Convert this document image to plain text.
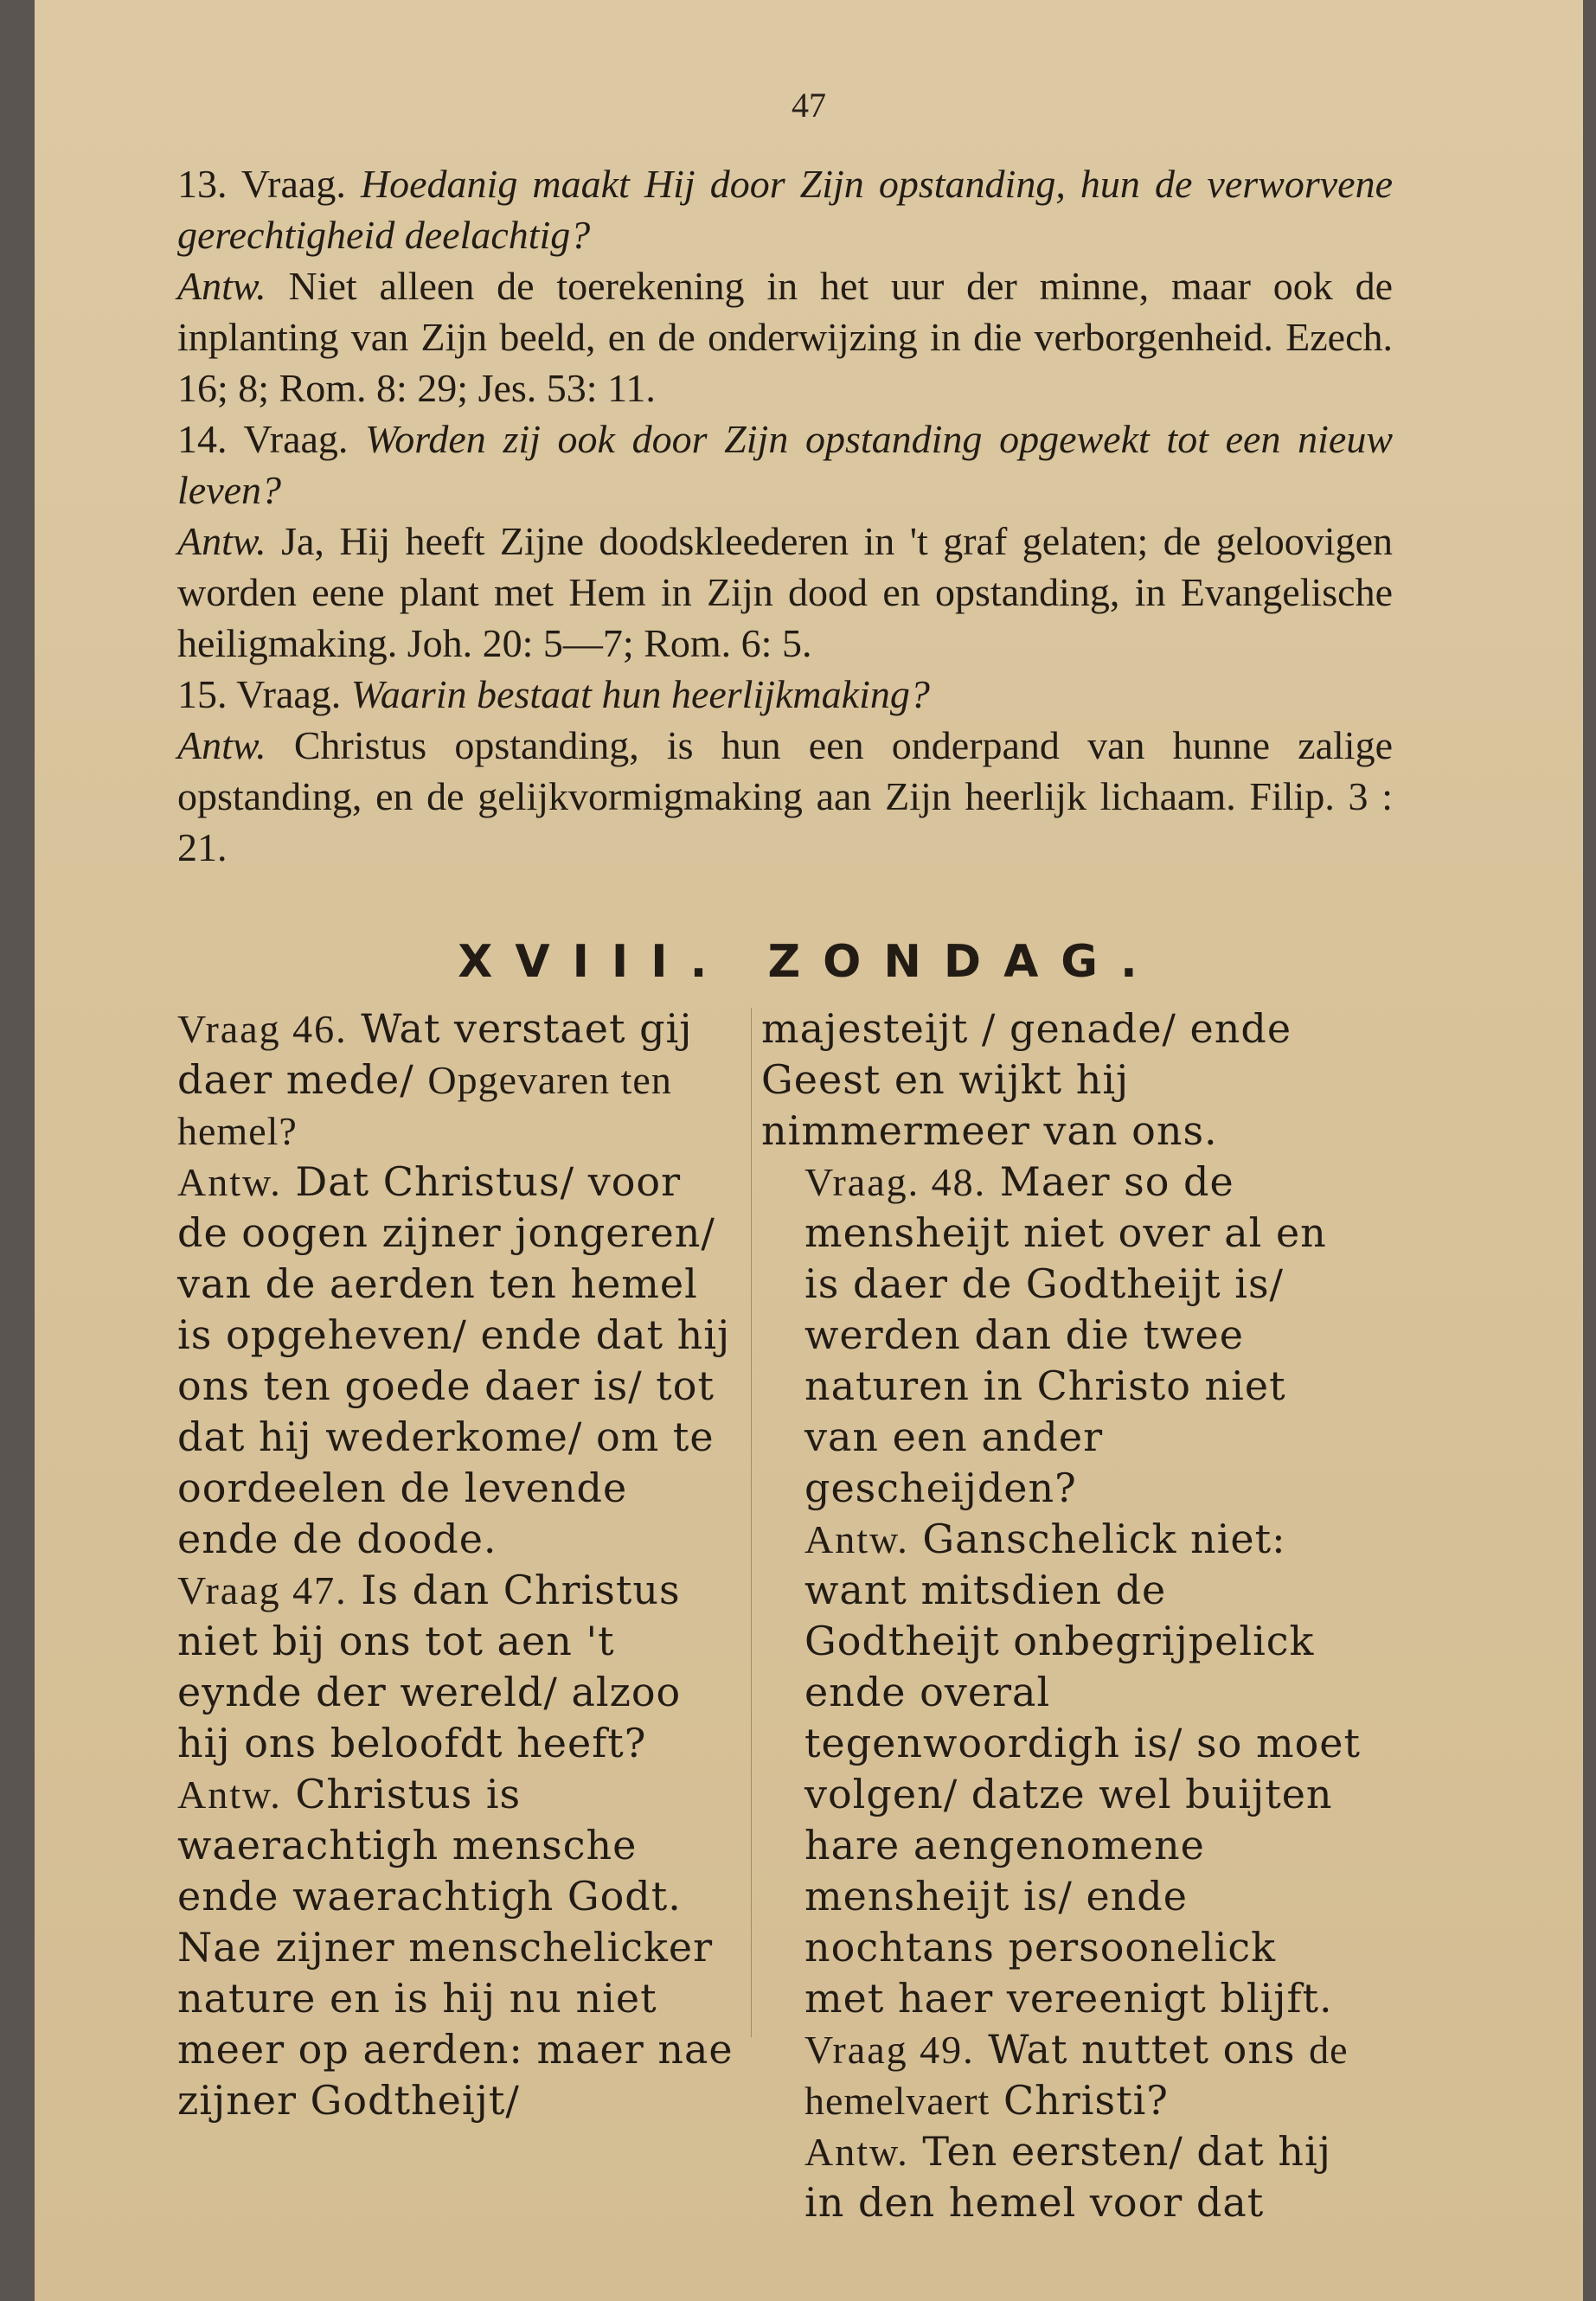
47

13. Vraag. Hoedanig maakt Hij door Zijn opstanding, hun de verworvene gerechtigheid deelachtig?

Antw. Niet alleen de toerekening in het uur der minne, maar ook de inplanting van Zijn beeld, en de onderwijzing in die verborgenheid. Ezech. 16; 8; Rom. 8: 29; Jes. 53: 11.

14. Vraag. Worden zij ook door Zijn opstanding opgewekt tot een nieuw leven?

Antw. Ja, Hij heeft Zijne doodskleederen in 't graf gelaten; de geloovigen worden eene plant met Hem in Zijn dood en opstanding, in Evangelische heiligmaking. Joh. 20: 5—7; Rom. 6: 5.

15. Vraag. Waarin bestaat hun heerlijkmaking?

Antw. Christus opstanding, is hun een onderpand van hunne zalige opstanding, en de gelijkvormigmaking aan Zijn heerlijk lichaam. Filip. 3 : 21.

XVIII. ZONDAG.

Vraag 46. Wat verstaet gij daer mede/ Opgevaren ten hemel?

Antw. Dat Christus/ voor de oogen zijner jongeren/ van de aerden ten hemel is opgeheven/ ende dat hij ons ten goede daer is/ tot dat hij wederkome/ om te oordeelen de levende ende de doode.

Vraag 47. Is dan Christus niet bij ons tot aen 't eynde der wereld/ alzoo hij ons beloofdt heeft?

Antw. Christus is waerachtigh mensche ende waerachtigh Godt. Nae zijner menschelicker nature en is hij nu niet meer op aerden: maer nae zijner Godtheijt/

majesteijt / genade/ ende Geest en wijkt hij nimmermeer van ons.

Vraag. 48. Maer so de mensheijt niet over al en is daer de Godtheijt is/ werden dan die twee naturen in Christo niet van een ander gescheijden?

Antw. Ganschelick niet: want mitsdien de Godtheijt onbegrijpelick ende overal tegenwoordigh is/ so moet volgen/ datze wel buijten hare aengenomene mensheijt is/ ende nochtans persoonelick met haer vereenigt blijft.

Vraag 49. Wat nuttet ons de hemelvaert Christi?

Antw. Ten eersten/ dat hij in den hemel voor dat
